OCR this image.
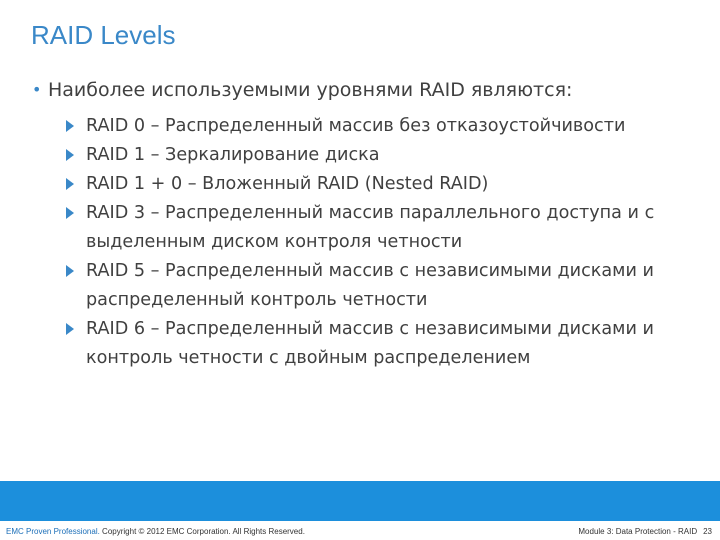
RAID Levels
• Наиболее используемыми уровнями RAID являются:
RAID 0 – Распределенный массив без отказоустойчивости
RAID 1 – Зеркалирование диска
RAID 1 + 0 – Вложенный RAID (Nested RAID)
RAID 3 – Распределенный массив параллельного доступа и с выделенным диском контроля четности
RAID 5 – Распределенный массив с независимыми дисками и распределенный контроль четности
RAID 6 – Распределенный массив с независимыми дисками и контроль четности с двойным распределением
EMC Proven Professional. Copyright © 2012 EMC Corporation. All Rights Reserved.	Module 3: Data Protection - RAID 23
